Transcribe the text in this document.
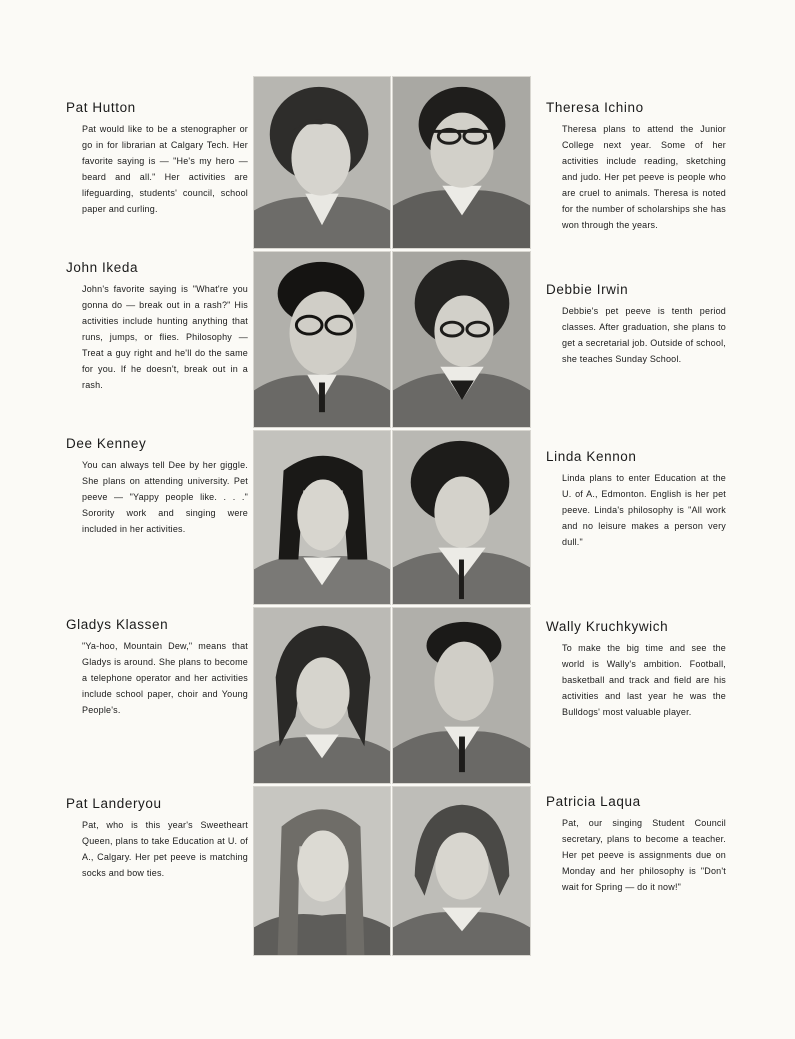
Pat Hutton

Pat would like to be a stenographer or go in for librarian at Calgary Tech. Her favorite saying is — "He's my hero — beard and all." Her activities are lifeguarding, students' council, school paper and curling.

Theresa Ichino

Theresa plans to attend the Junior College next year. Some of her activities include reading, sketching and judo. Her pet peeve is people who are cruel to animals. Theresa is noted for the number of scholarships she has won through the years.

John Ikeda

John's favorite saying is "What're you gonna do — break out in a rash?" His activities include hunting anything that runs, jumps, or flies. Philosophy — Treat a guy right and he'll do the same for you. If he doesn't, break out in a rash.

Debbie Irwin

Debbie's pet peeve is tenth period classes. After graduation, she plans to get a secretarial job. Outside of school, she teaches Sunday School.

Dee Kenney

You can always tell Dee by her giggle. She plans on attending university. Pet peeve — "Yappy people like. . . ." Sorority work and singing were included in her activities.

Linda Kennon

Linda plans to enter Education at the U. of A., Edmonton. English is her pet peeve. Linda's philosophy is "All work and no leisure makes a person very dull."

Gladys Klassen

"Ya-hoo, Mountain Dew," means that Gladys is around. She plans to become a telephone operator and her activities include school paper, choir and Young People's.

Wally Kruchkywich

To make the big time and see the world is Wally's ambition. Football, basketball and track and field are his activities and last year he was the Bulldogs' most valuable player.

Pat Landeryou

Pat, who is this year's Sweetheart Queen, plans to take Education at U. of A., Calgary. Her pet peeve is matching socks and bow ties.

Patricia Laqua

Pat, our singing Student Council secretary, plans to become a teacher. Her pet peeve is assignments due on Monday and her philosophy is "Don't wait for Spring — do it now!"
